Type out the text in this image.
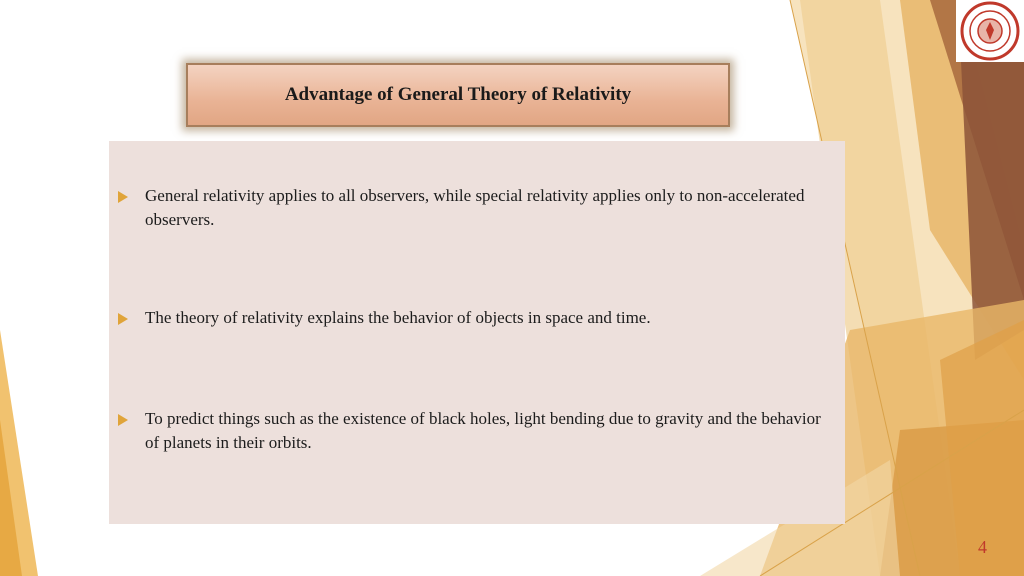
Advantage of General Theory of Relativity
General relativity applies to all observers, while special relativity applies only to non-accelerated observers.
The theory of relativity explains the behavior of objects in space and time.
To predict things such as the existence of black holes, light bending due to gravity and the behavior of planets in their orbits.
4
